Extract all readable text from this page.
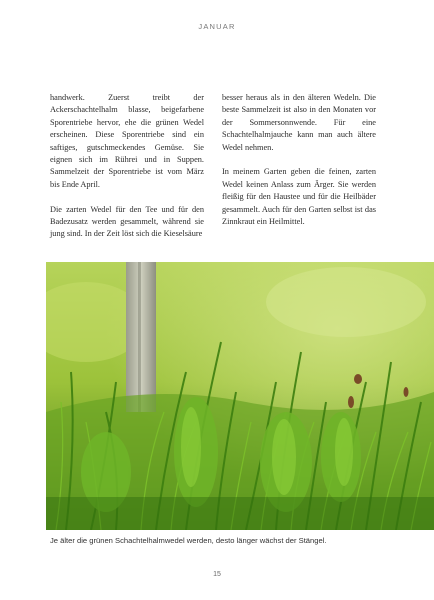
JANUAR

handwerk. Zuerst treibt der Ackerschachtelhalm blasse, beigefarbene Sporentriebe hervor, ehe die grünen Wedel erscheinen. Diese Sporentriebe sind ein saftiges, gutschmeckendes Gemüse. Sie eignen sich im Rührei und in Suppen. Sammelzeit der Sporentriebe ist vom März bis Ende April.

Die zarten Wedel für den Tee und für den Badezusatz werden gesammelt, während sie jung sind. In der Zeit löst sich die Kieselsäure

besser heraus als in den älteren Wedeln. Die beste Sammelzeit ist also in den Monaten vor der Sommersonnwende. Für eine Schachtelhalmjauche kann man auch ältere Wedel nehmen.

In meinem Garten geben die feinen, zarten Wedel keinen Anlass zum Ärger. Sie werden fleißig für den Haustee und für die Heilbäder gesammelt. Auch für den Garten selbst ist das Zinnkraut ein Heilmittel.

Je älter die grünen Schachtelhalmwedel werden, desto länger wächst der Stängel.
15
